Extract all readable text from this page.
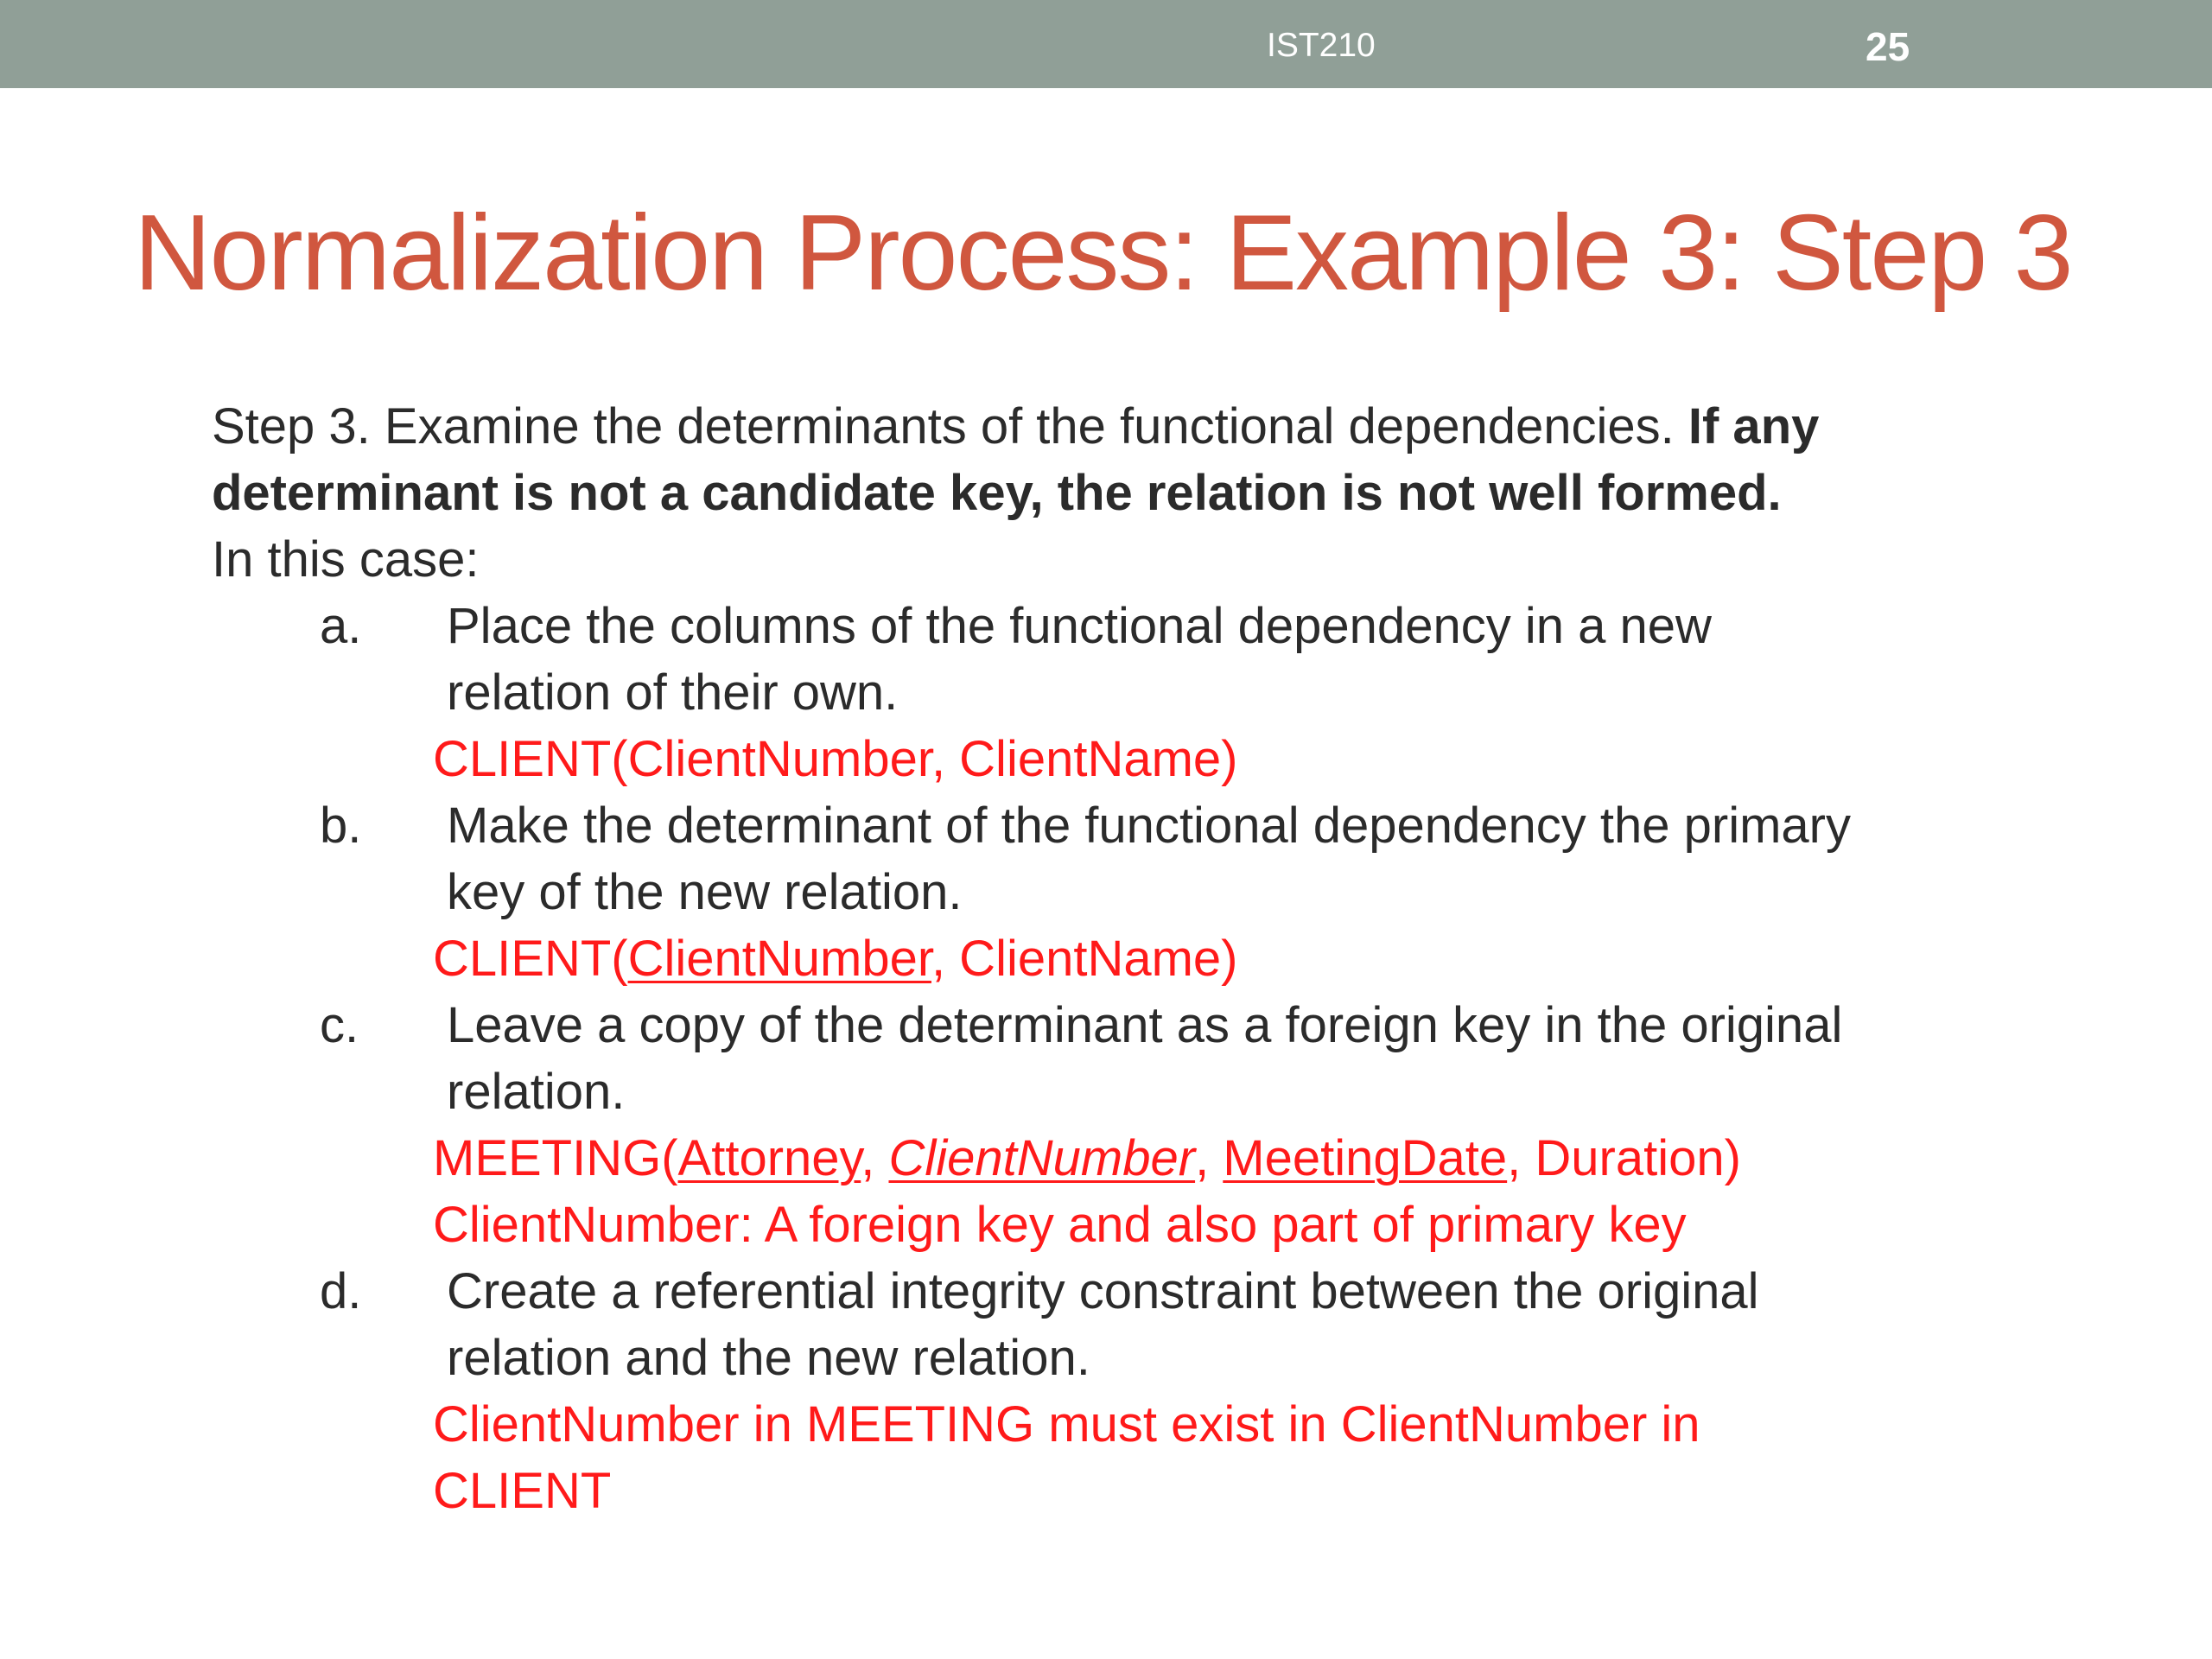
IST210	25
Normalization Process: Example 3: Step 3
Step 3. Examine the determinants of the functional dependencies. If any
determinant is not a candidate key, the relation is not well formed.
In this case:
a. Place the columns of the functional dependency in a new
relation of their own.
CLIENT(ClientNumber, ClientName)
b. Make the determinant of the functional dependency the primary
key of the new relation.
CLIENT(ClientNumber, ClientName)
c. Leave a copy of the determinant as a foreign key in the original
relation.
MEETING(Attorney, ClientNumber, MeetingDate, Duration)
ClientNumber: A foreign key and also part of primary key
d. Create a referential integrity constraint between the original
relation and the new relation.
ClientNumber in MEETING must exist in ClientNumber in
CLIENT
